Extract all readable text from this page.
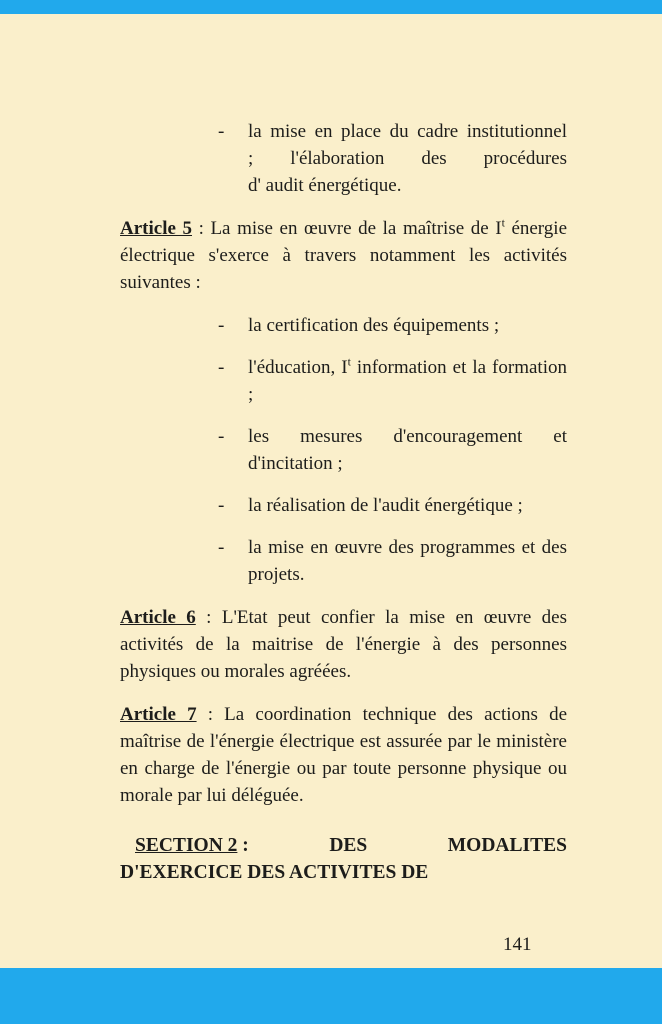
- la mise en place du cadre institutionnel
; l'élaboration des procédures
d' audit énergétique.

Article 5 : La mise en œuvre de la maîtrise de $I^t$ énergie électrique s'exerce à travers notamment les activités suivantes :

- la certification des équipements ;
- l'éducation, $I^t$ information et la formation ;
- les mesures d'encouragement et d'incitation ;
- la réalisation de l'audit énergétique ;
- la mise en œuvre des programmes et des projets.

Article 6 : L'Etat peut confier la mise en œuvre des activités de la maitrise de l'énergie à des personnes physiques ou morales agréées.

Article 7 : La coordination technique des actions de maîtrise de l'énergie électrique est assurée par le ministère en charge de l'énergie ou par toute personne physique ou morale par lui déléguée.

SECTION 2 :	DES	MODALITES
D'EXERCICE DES ACTIVITES DE
141
